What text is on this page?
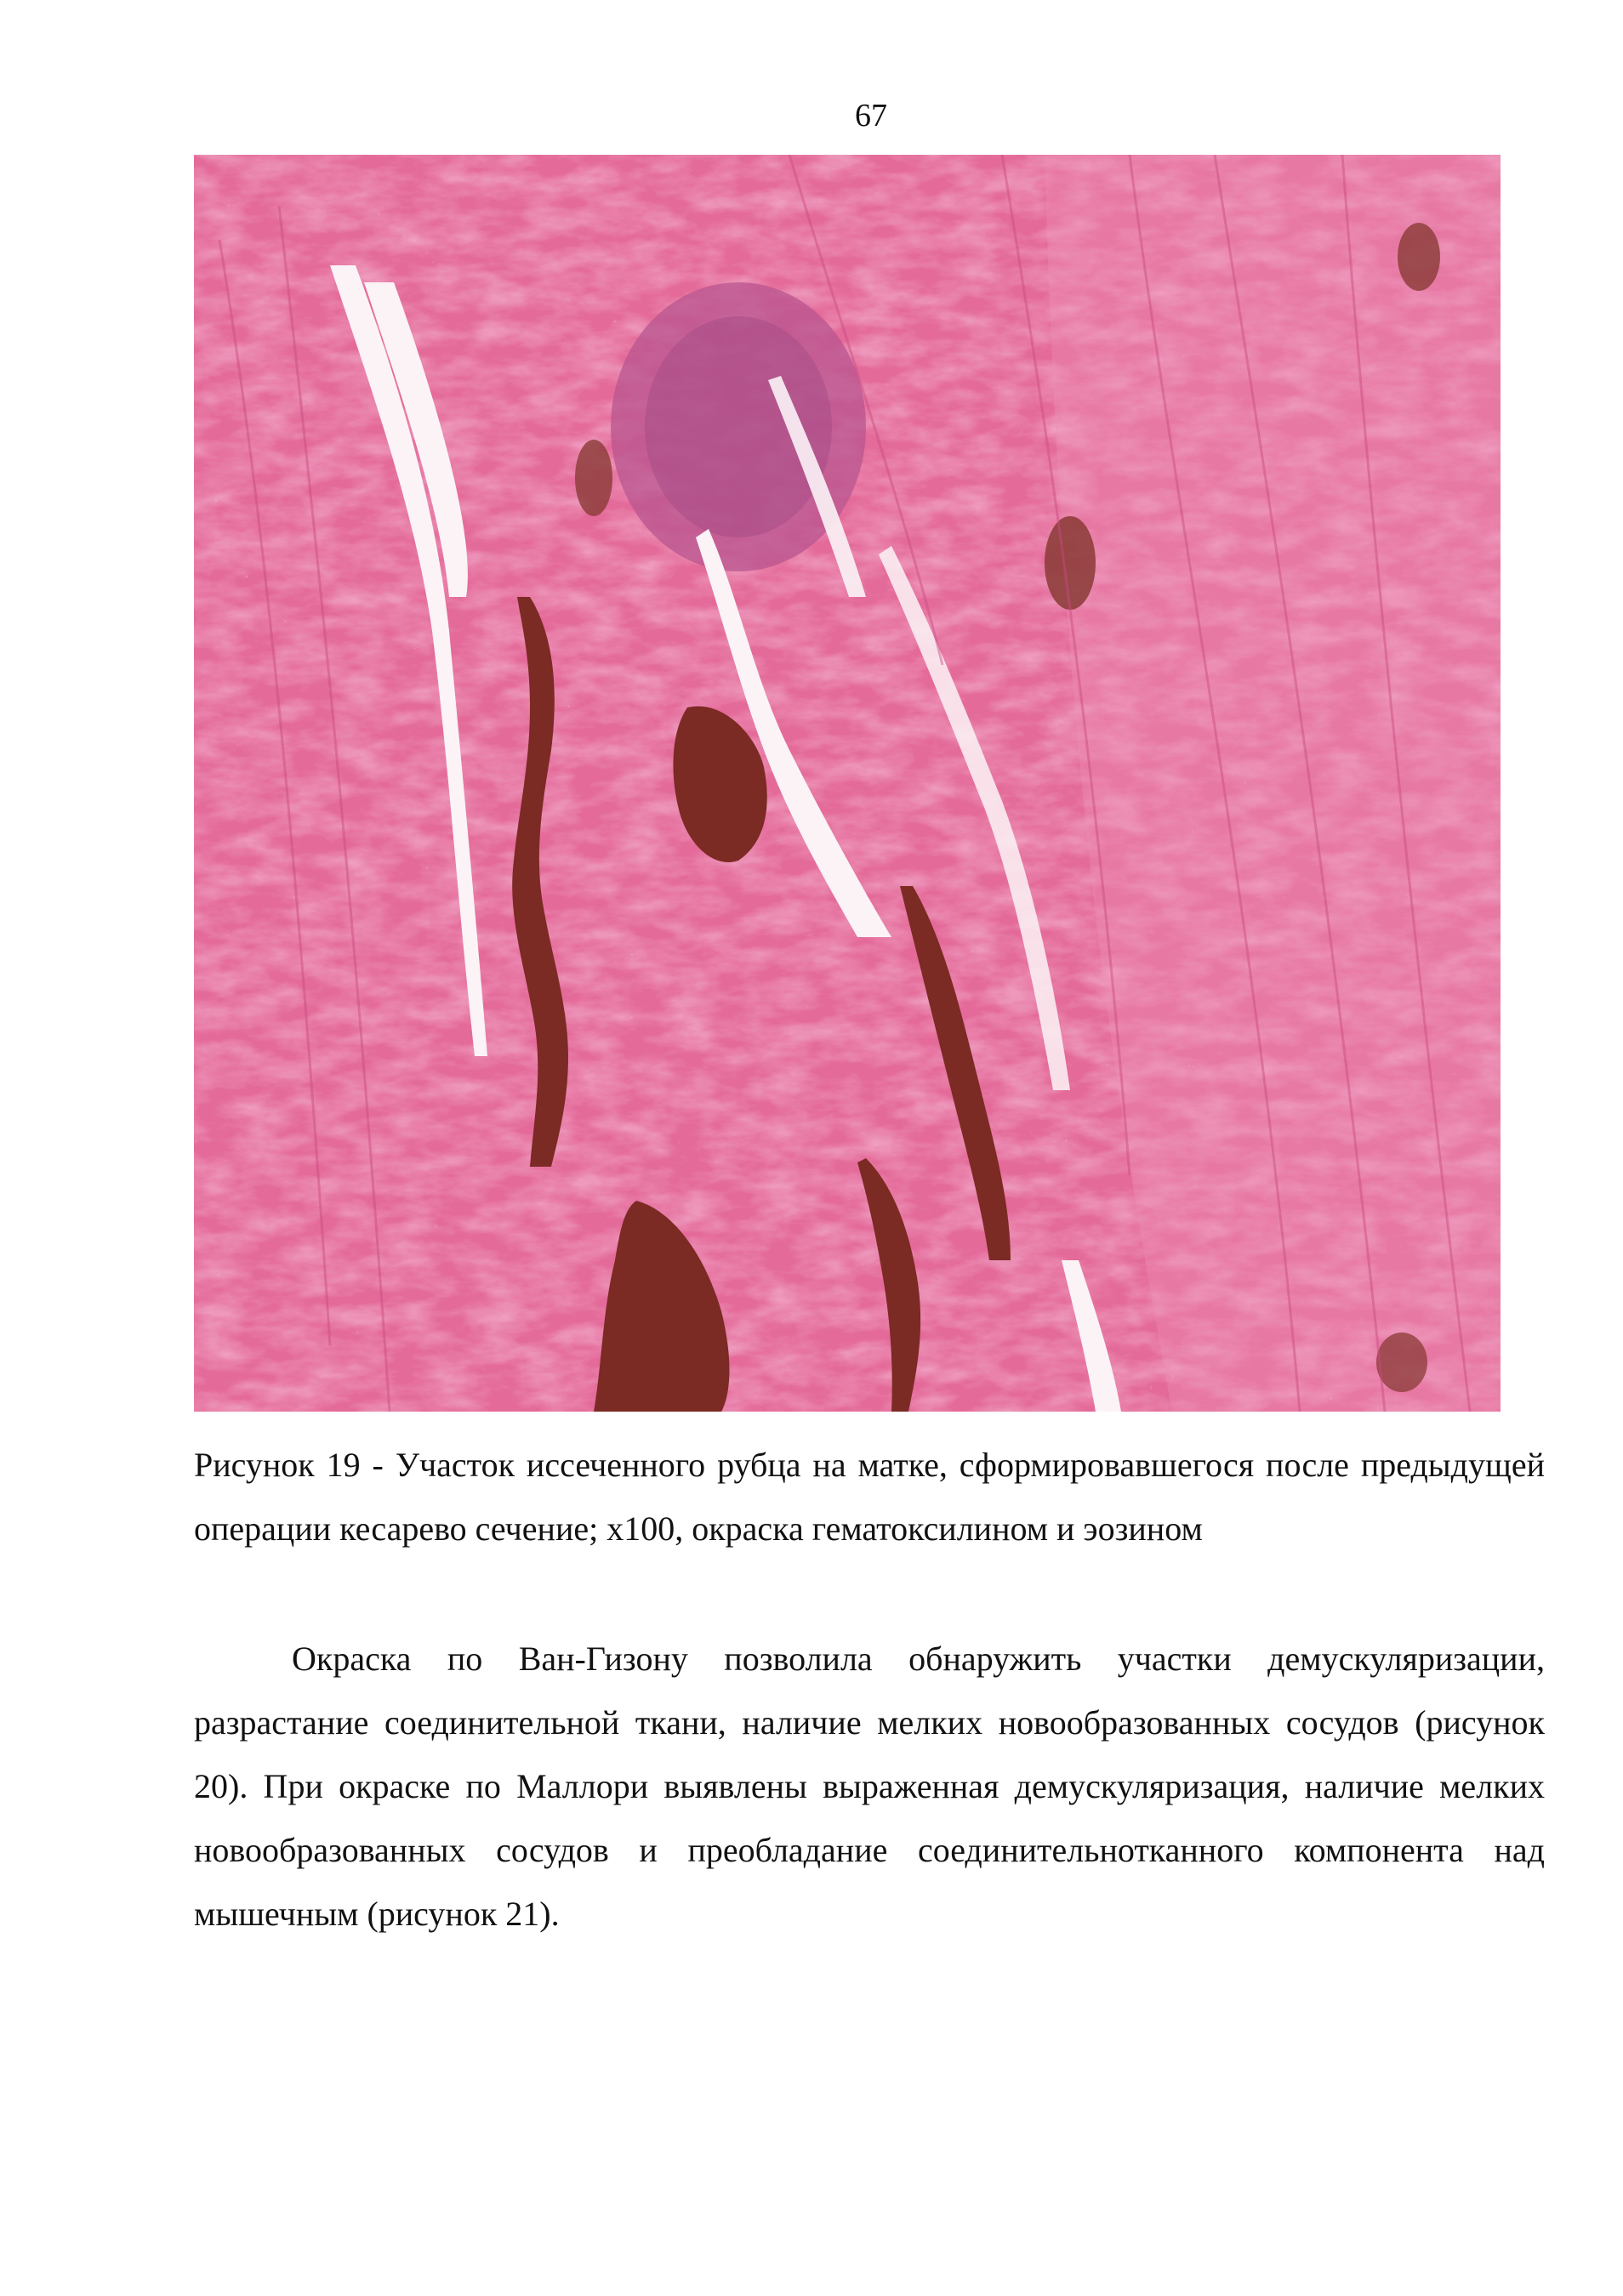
67

Рисунок 19 - Участок иссеченного рубца на матке, сформировавшегося после предыдущей операции кесарево сечение; х100, окраска гематоксилином и эозином

Окраска по Ван-Гизону позволила обнаружить участки демускуляризации, разрастание соединительной ткани, наличие мелких новообразованных сосудов (рисунок 20). При окраске по Маллори выявлены выраженная демускуляризация, наличие мелких новообразованных сосудов и преобладание соединительнотканного компонента над мышечным (рисунок 21).
